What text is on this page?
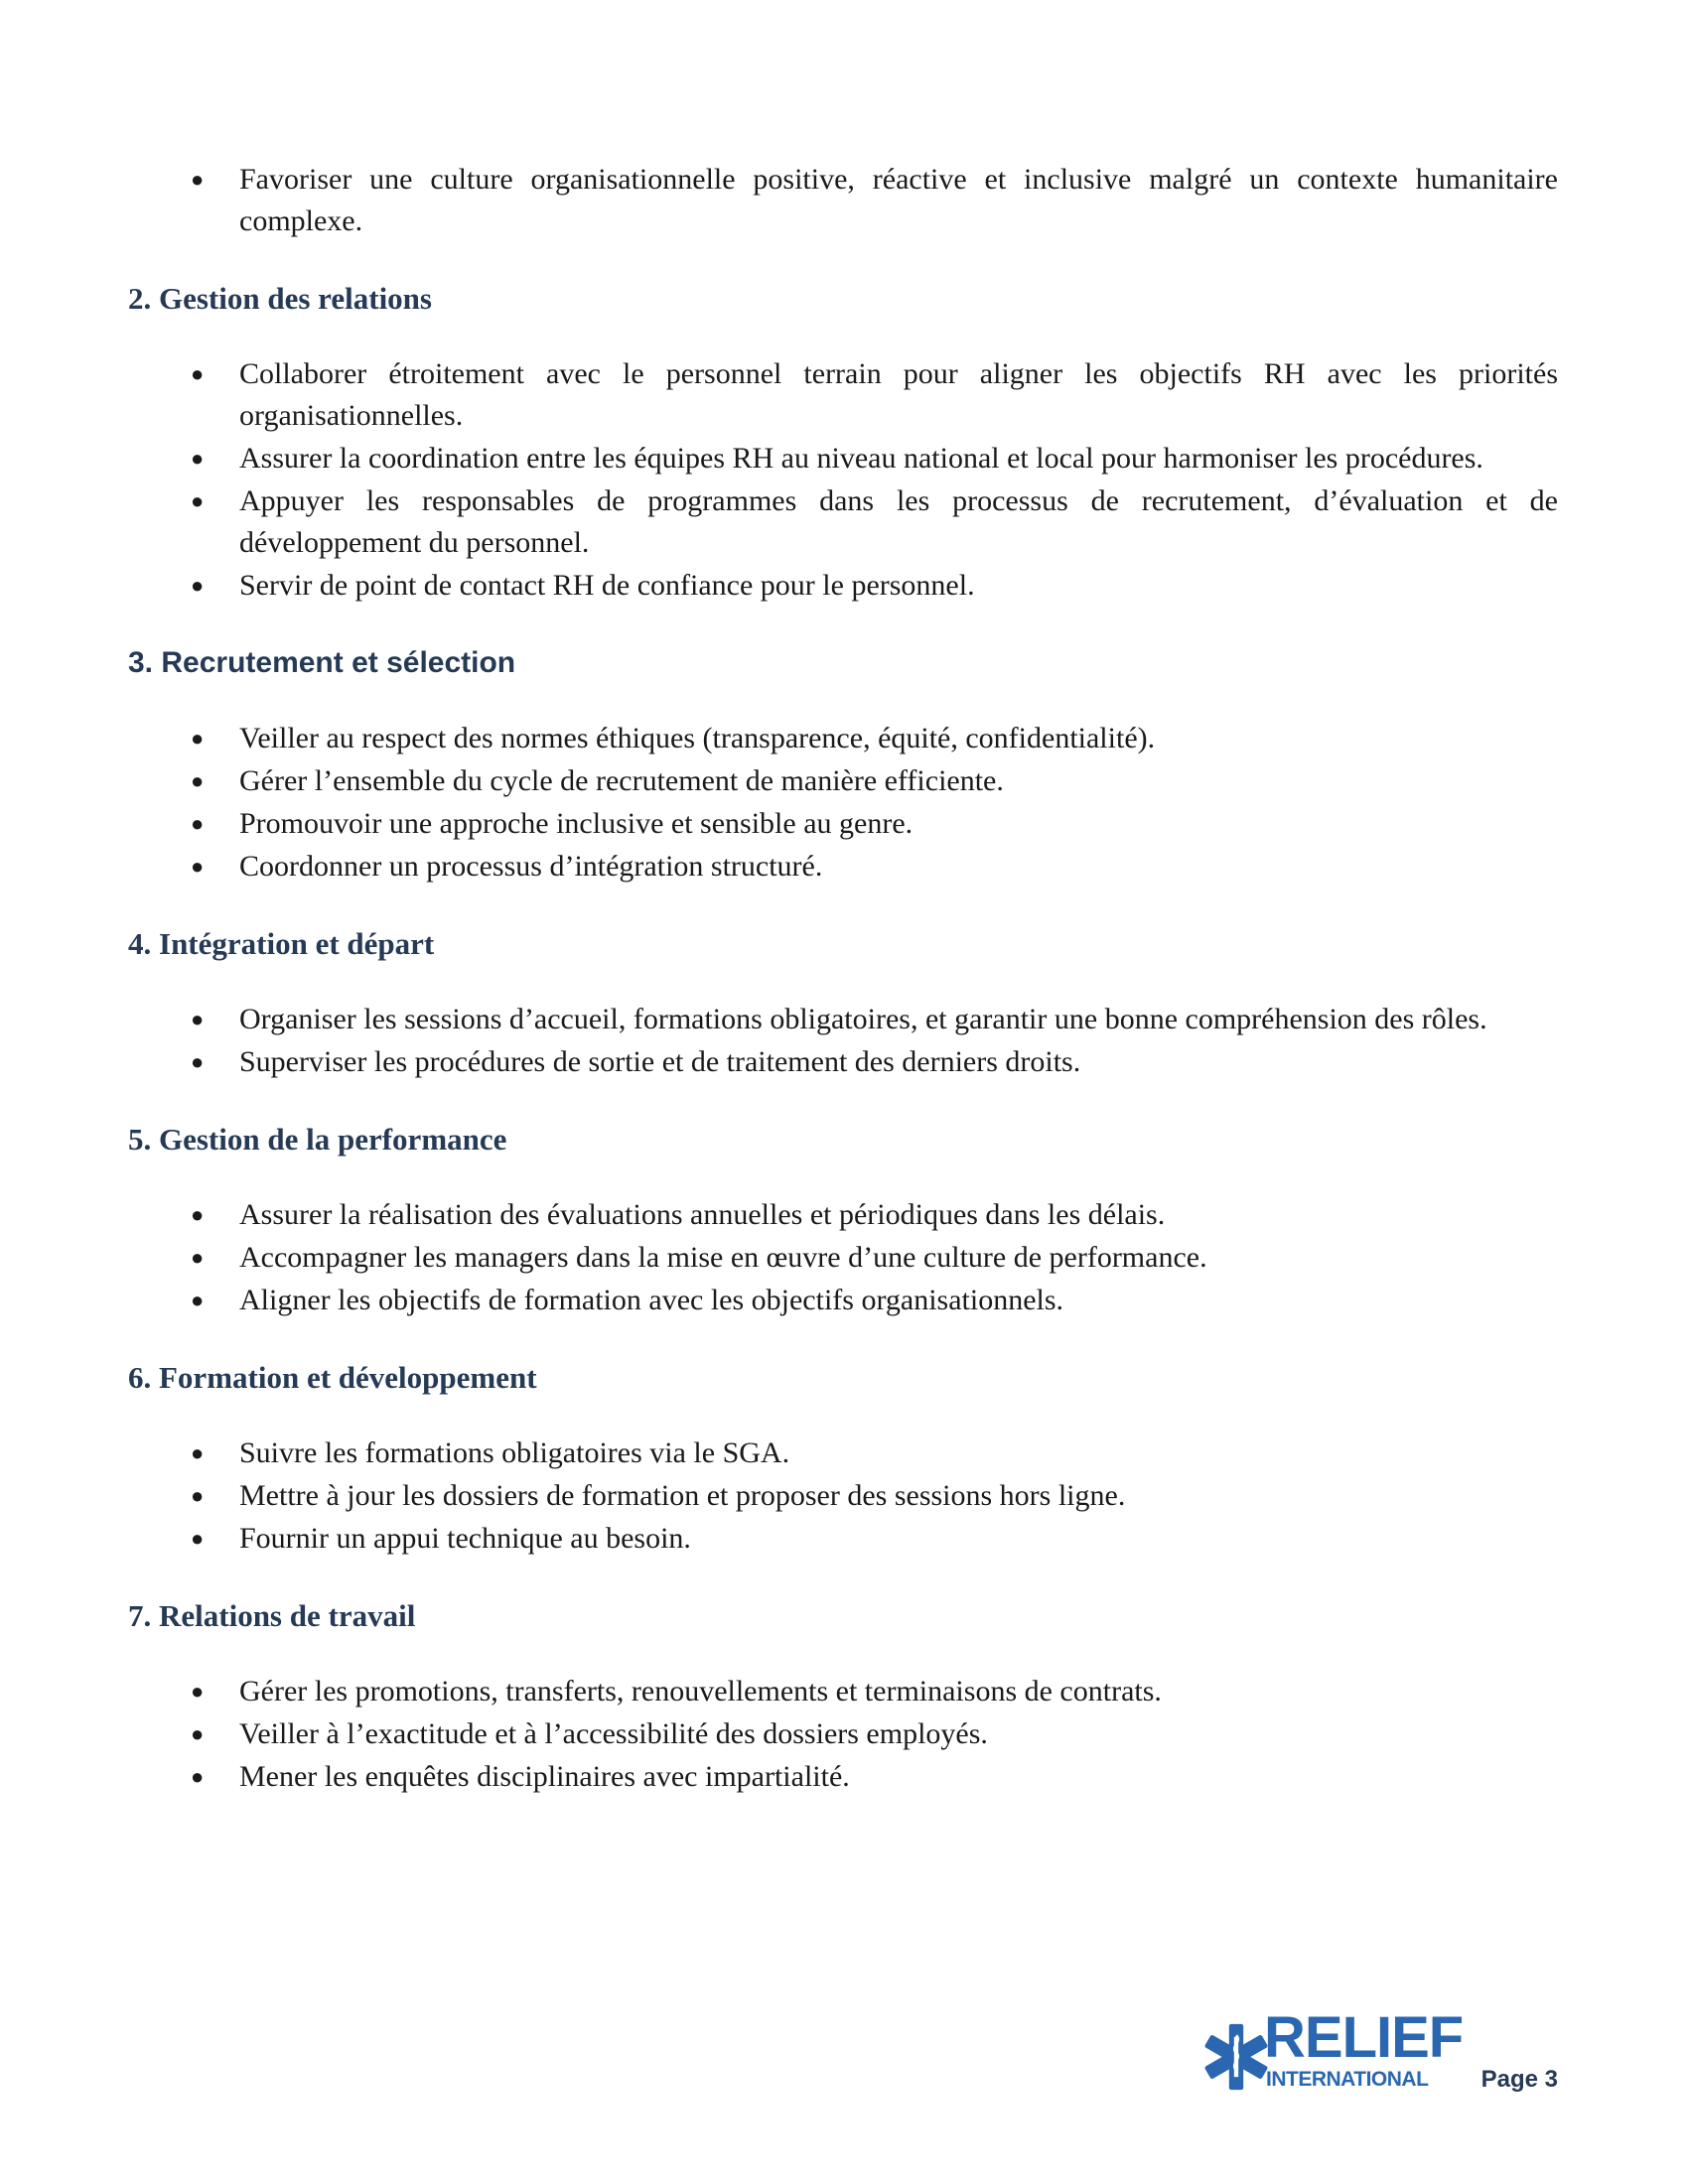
● Favoriser une culture organisationnelle positive, réactive et inclusive malgré un contexte humanitaire complexe.
2. Gestion des relations
● Collaborer étroitement avec le personnel terrain pour aligner les objectifs RH avec les priorités organisationnelles.
● Assurer la coordination entre les équipes RH au niveau national et local pour harmoniser les procédures.
● Appuyer les responsables de programmes dans les processus de recrutement, d’évaluation et de développement du personnel.
● Servir de point de contact RH de confiance pour le personnel.
3. Recrutement et sélection
● Veiller au respect des normes éthiques (transparence, équité, confidentialité).
● Gérer l’ensemble du cycle de recrutement de manière efficiente.
● Promouvoir une approche inclusive et sensible au genre.
● Coordonner un processus d’intégration structuré.
4. Intégration et départ
● Organiser les sessions d’accueil, formations obligatoires, et garantir une bonne compréhension des rôles.
● Superviser les procédures de sortie et de traitement des derniers droits.
5. Gestion de la performance
● Assurer la réalisation des évaluations annuelles et périodiques dans les délais.
● Accompagner les managers dans la mise en œuvre d’une culture de performance.
● Aligner les objectifs de formation avec les objectifs organisationnels.
6. Formation et développement
● Suivre les formations obligatoires via le SGA.
● Mettre à jour les dossiers de formation et proposer des sessions hors ligne.
● Fournir un appui technique au besoin.
7. Relations de travail
● Gérer les promotions, transferts, renouvellements et terminaisons de contrats.
● Veiller à l’exactitude et à l’accessibilité des dossiers employés.
● Mener les enquêtes disciplinaires avec impartialité.
RELIEF
INTERNATIONAL Page 3
